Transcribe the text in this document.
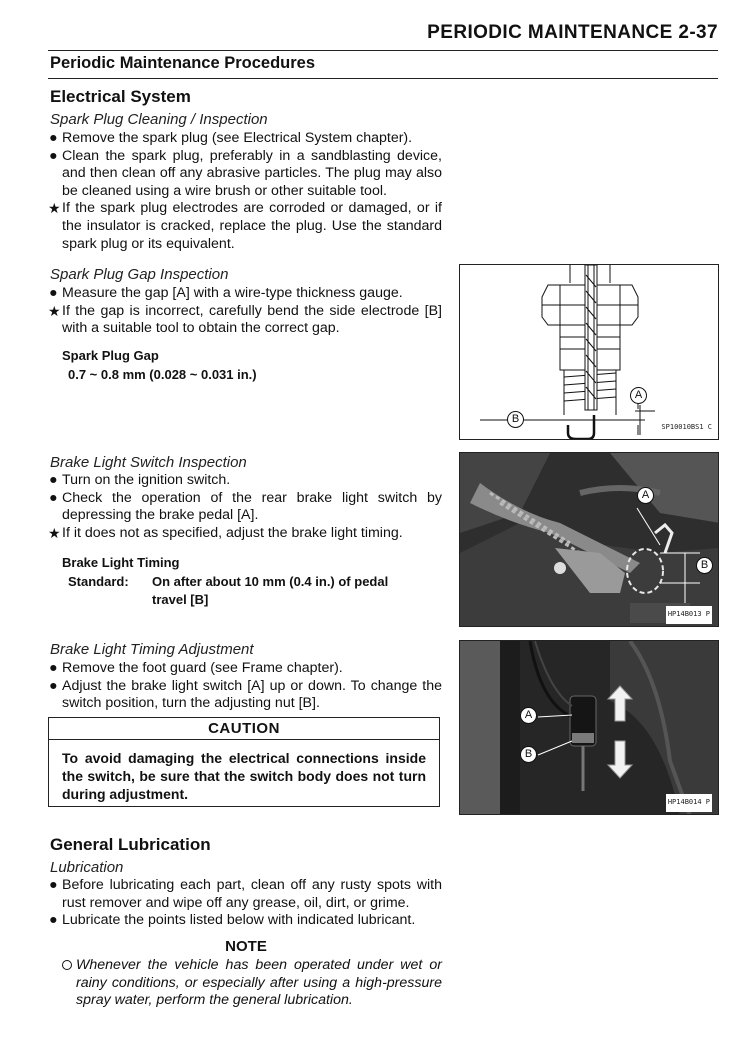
PERIODIC MAINTENANCE 2-37
Periodic Maintenance Procedures
Electrical System
Spark Plug Cleaning / Inspection
● Remove the spark plug (see Electrical System chapter).
● Clean the spark plug, preferably in a sandblasting device, and then clean off any abrasive particles. The plug may also be cleaned using a wire brush or other suitable tool.
★ If the spark plug electrodes are corroded or damaged, or if the insulator is cracked, replace the plug. Use the standard spark plug or its equivalent.
Spark Plug Gap Inspection
● Measure the gap [A] with a wire-type thickness gauge.
★ If the gap is incorrect, carefully bend the side electrode [B] with a suitable tool to obtain the correct gap.
Spark Plug Gap
0.7 ~ 0.8 mm (0.028 ~ 0.031 in.)
A
B
SP10010BS1 C
Brake Light Switch Inspection
● Turn on the ignition switch.
● Check the operation of the rear brake light switch by depressing the brake pedal [A].
★ If it does not as specified, adjust the brake light timing.
Brake Light Timing
Standard: On after about 10 mm (0.4 in.) of pedal travel [B]
A
B
HP14B013 P
Brake Light Timing Adjustment
● Remove the foot guard (see Frame chapter).
● Adjust the brake light switch [A] up or down. To change the switch position, turn the adjusting nut [B].
CAUTION
To avoid damaging the electrical connections inside the switch, be sure that the switch body does not turn during adjustment.
A
B
HP14B014 P
General Lubrication
Lubrication
● Before lubricating each part, clean off any rusty spots with rust remover and wipe off any grease, oil, dirt, or grime.
● Lubricate the points listed below with indicated lubricant.
NOTE
Whenever the vehicle has been operated under wet or rainy conditions, or especially after using a high-pressure spray water, perform the general lubrication.
